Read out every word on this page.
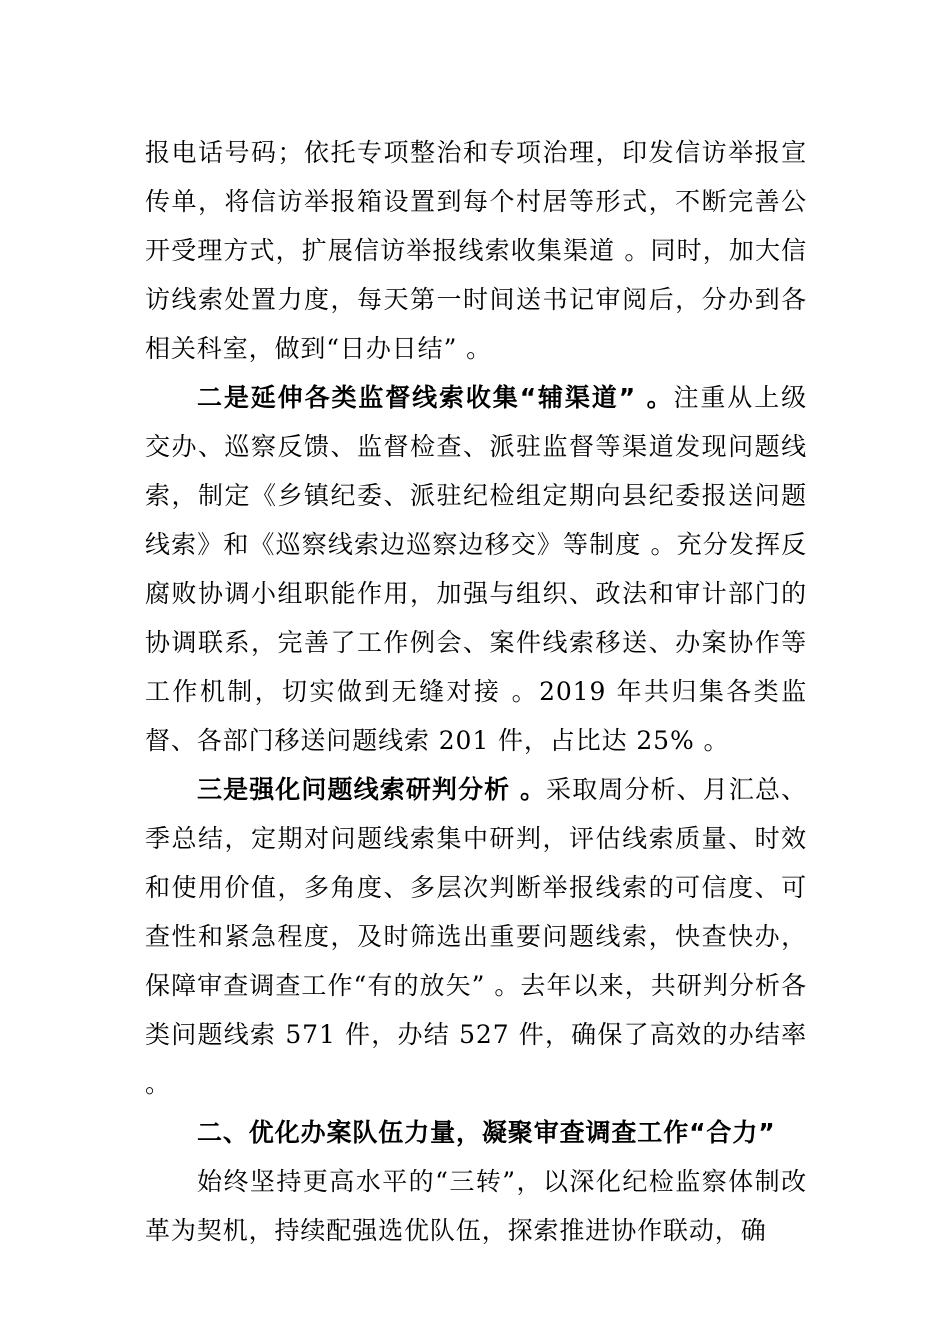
报电话号码；依托专项整治和专项治理，印发信访举报宣传单，将信访举报箱设置到每个村居等形式，不断完善公开受理方式，扩展信访举报线索收集渠道 。同时，加大信访线索处置力度，每天第一时间送书记审阅后，分办到各相关科室，做到“日办日结” 。

二是延伸各类监督线索收集“辅渠道” 。注重从上级交办、巡察反馈、监督检查、派驻监督等渠道发现问题线索，制定《乡镇纪委、派驻纪检组定期向县纪委报送问题线索》和《巡察线索边巡察边移交》等制度 。充分发挥反腐败协调小组职能作用，加强与组织、政法和审计部门的协调联系，完善了工作例会、案件线索移送、办案协作等工作机制，切实做到无缝对接 。2019 年共归集各类监督、各部门移送问题线索 201 件，占比达 25% 。

三是强化问题线索研判分析 。采取周分析、月汇总、季总结，定期对问题线索集中研判，评估线索质量、时效和使用价值，多角度、多层次判断举报线索的可信度、可查性和紧急程度，及时筛选出重要问题线索，快查快办，保障审查调查工作“有的放矢” 。去年以来，共研判分析各类问题线索 571 件，办结 527 件，确保了高效的办结率 。

二、优化办案队伍力量，凝聚审查调查工作“合力”

始终坚持更高水平的“三转”，以深化纪检监察体制改革为契机，持续配强选优队伍，探索推进协作联动，确
